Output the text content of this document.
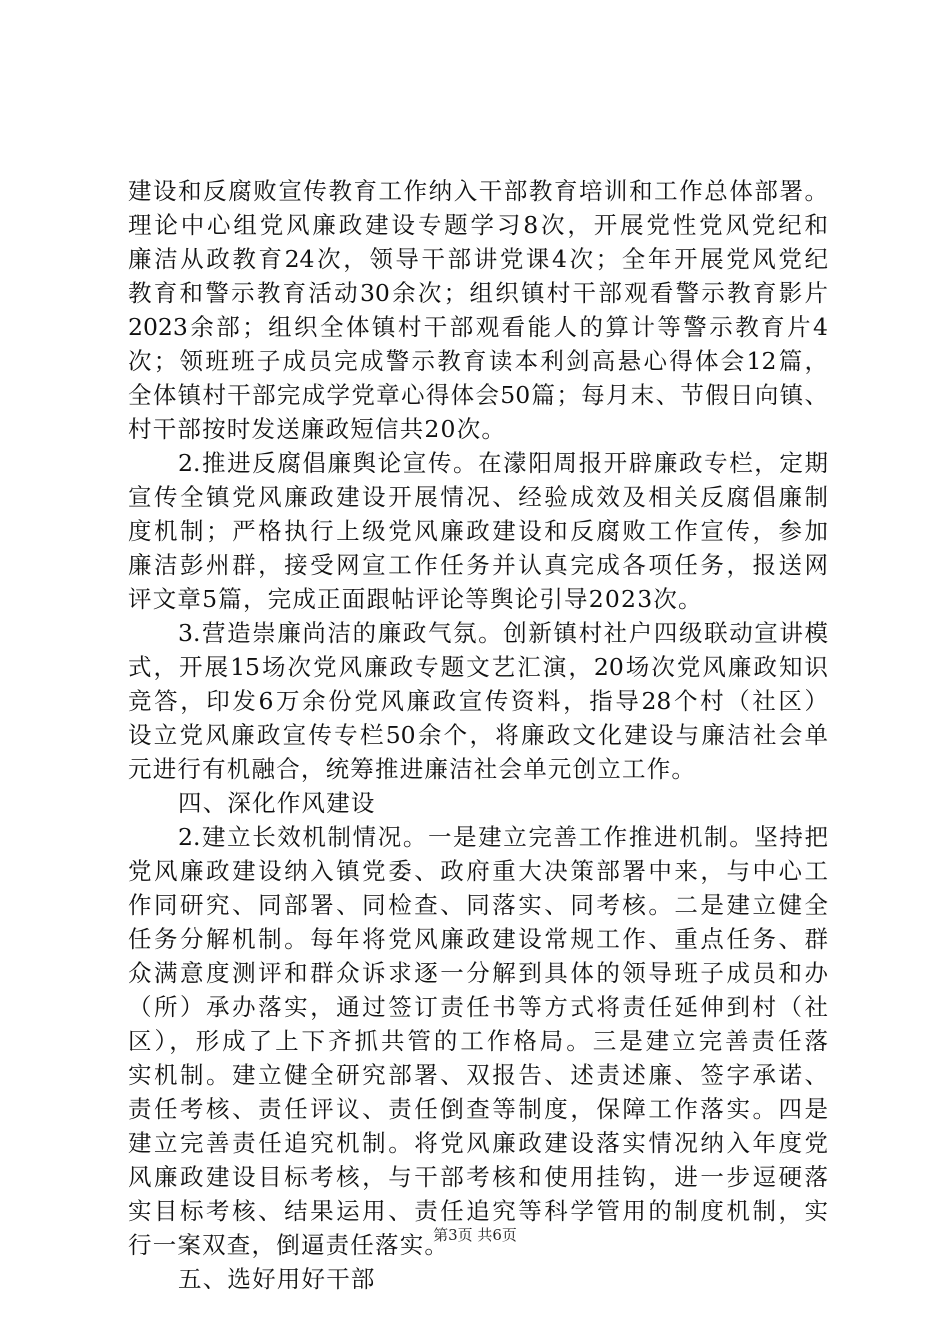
建设和反腐败宣传教育工作纳入干部教育培训和工作总体部署。
理论中心组党风廉政建设专题学习8次，开展党性党风党纪和
廉洁从政教育24次，领导干部讲党课4次；全年开展党风党纪
教育和警示教育活动30余次；组织镇村干部观看警示教育影片
2023余部；组织全体镇村干部观看能人的算计等警示教育片4
次；领班班子成员完成警示教育读本利剑高悬心得体会12篇，
全体镇村干部完成学党章心得体会50篇；每月末、节假日向镇、
村干部按时发送廉政短信共20次。
2.推进反腐倡廉舆论宣传。在濛阳周报开辟廉政专栏，定期
宣传全镇党风廉政建设开展情况、经验成效及相关反腐倡廉制
度机制；严格执行上级党风廉政建设和反腐败工作宣传，参加
廉洁彭州群，接受网宣工作任务并认真完成各项任务，报送网
评文章5篇，完成正面跟帖评论等舆论引导2023次。
3.营造崇廉尚洁的廉政气氛。创新镇村社户四级联动宣讲模
式，开展15场次党风廉政专题文艺汇演，20场次党风廉政知识
竞答，印发6万余份党风廉政宣传资料，指导28个村（社区）
设立党风廉政宣传专栏50余个，将廉政文化建设与廉洁社会单
元进行有机融合，统筹推进廉洁社会单元创立工作。
四、深化作风建设
2.建立长效机制情况。一是建立完善工作推进机制。坚持把
党风廉政建设纳入镇党委、政府重大决策部署中来，与中心工
作同研究、同部署、同检查、同落实、同考核。二是建立健全
任务分解机制。每年将党风廉政建设常规工作、重点任务、群
众满意度测评和群众诉求逐一分解到具体的领导班子成员和办
（所）承办落实，通过签订责任书等方式将责任延伸到村（社
区），形成了上下齐抓共管的工作格局。三是建立完善责任落
实机制。建立健全研究部署、双报告、述责述廉、签字承诺、
责任考核、责任评议、责任倒查等制度，保障工作落实。四是
建立完善责任追究机制。将党风廉政建设落实情况纳入年度党
风廉政建设目标考核，与干部考核和使用挂钩，进一步逗硬落
实目标考核、结果运用、责任追究等科学管用的制度机制，实
行一案双查，倒逼责任落实。
五、选好用好干部
第3页 共6页
